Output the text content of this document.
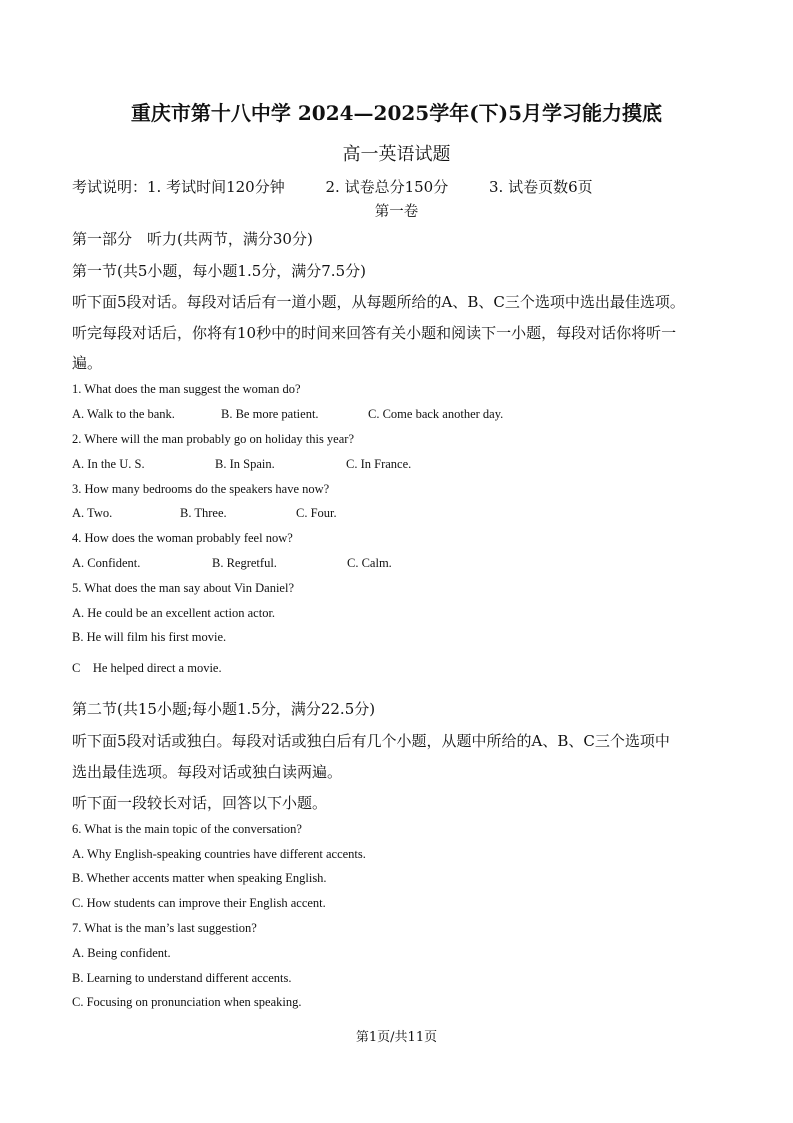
重庆市第十八中学 2024—2025学年(下)5月学习能力摸底
高一英语试题
考试说明：1. 考试时间120分钟	2. 试卷总分150分	3. 试卷页数6页
第一卷
第一部分　听力(共两节，满分30分)
第一节(共5小题，每小题1.5分，满分7.5分)
听下面5段对话。每段对话后有一道小题，从每题所给的A、B、C三个选项中选出最佳选项。
听完每段对话后，你将有10秒中的时间来回答有关小题和阅读下一小题，每段对话你将听一
遍。
1. What does the man suggest the woman do?
A. Walk to the bank.	B. Be more patient.	C. Come back another day.
2. Where will the man probably go on holiday this year?
A. In the U. S.	B. In Spain.	C. In France.
3. How many bedrooms do the speakers have now?
A. Two.	B. Three.	C. Four.
4. How does the woman probably feel now?
A. Confident.	B. Regretful.	C. Calm.
5. What does the man say about Vin Daniel?
A. He could be an excellent action actor.
B. He will film his first movie.
C　He helped direct a movie.
第二节(共15小题;每小题1.5分，满分22.5分)
听下面5段对话或独白。每段对话或独白后有几个小题，从题中所给的A、B、C三个选项中
选出最佳选项。每段对话或独白读两遍。
听下面一段较长对话，回答以下小题。
6. What is the main topic of the conversation?
A. Why English-speaking countries have different accents.
B. Whether accents matter when speaking English.
C. How students can improve their English accent.
7. What is the man’s last suggestion?
A. Being confident.
B. Learning to understand different accents.
C. Focusing on pronunciation when speaking.
第1页/共11页
